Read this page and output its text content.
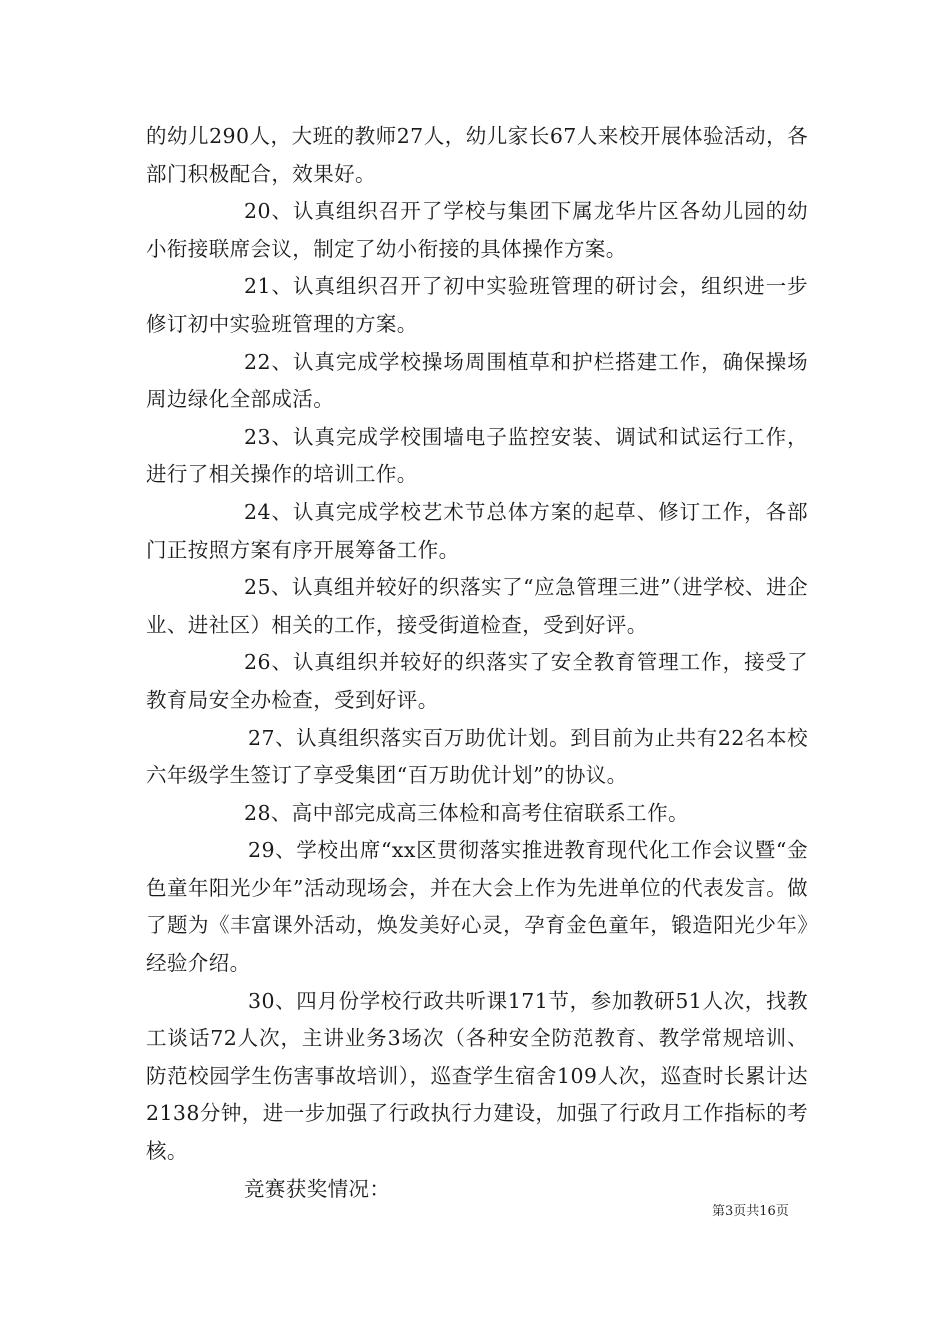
的幼儿290人，大班的教师27人，幼儿家长67人来校开展体验活动，各部门积极配合，效果好。

20、认真组织召开了学校与集团下属龙华片区各幼儿园的幼小衔接联席会议，制定了幼小衔接的具体操作方案。

21、认真组织召开了初中实验班管理的研讨会，组织进一步修订初中实验班管理的方案。

22、认真完成学校操场周围植草和护栏搭建工作，确保操场周边绿化全部成活。

23、认真完成学校围墙电子监控安装、调试和试运行工作，进行了相关操作的培训工作。

24、认真完成学校艺术节总体方案的起草、修订工作，各部门正按照方案有序开展筹备工作。

25、认真组并较好的织落实了“应急管理三进”（进学校、进企业、进社区）相关的工作，接受街道检查，受到好评。

26、认真组织并较好的织落实了安全教育管理工作，接受了教育局安全办检查，受到好评。

27、认真组织落实百万助优计划。到目前为止共有22名本校六年级学生签订了享受集团“百万助优计划”的协议。

28、高中部完成高三体检和高考住宿联系工作。

29、学校出席“xx区贯彻落实推进教育现代化工作会议暨“金色童年阳光少年”活动现场会，并在大会上作为先进单位的代表发言。做了题为《丰富课外活动，焕发美好心灵，孕育金色童年，锻造阳光少年》经验介绍。

30、四月份学校行政共听课171节，参加教研51人次，找教工谈话72人次，主讲业务3场次（各种安全防范教育、教学常规培训、防范校园学生伤害事故培训），巡查学生宿舍109人次，巡查时长累计达2138分钟，进一步加强了行政执行力建设，加强了行政月工作指标的考核。

竞赛获奖情况：

第3页共16页
